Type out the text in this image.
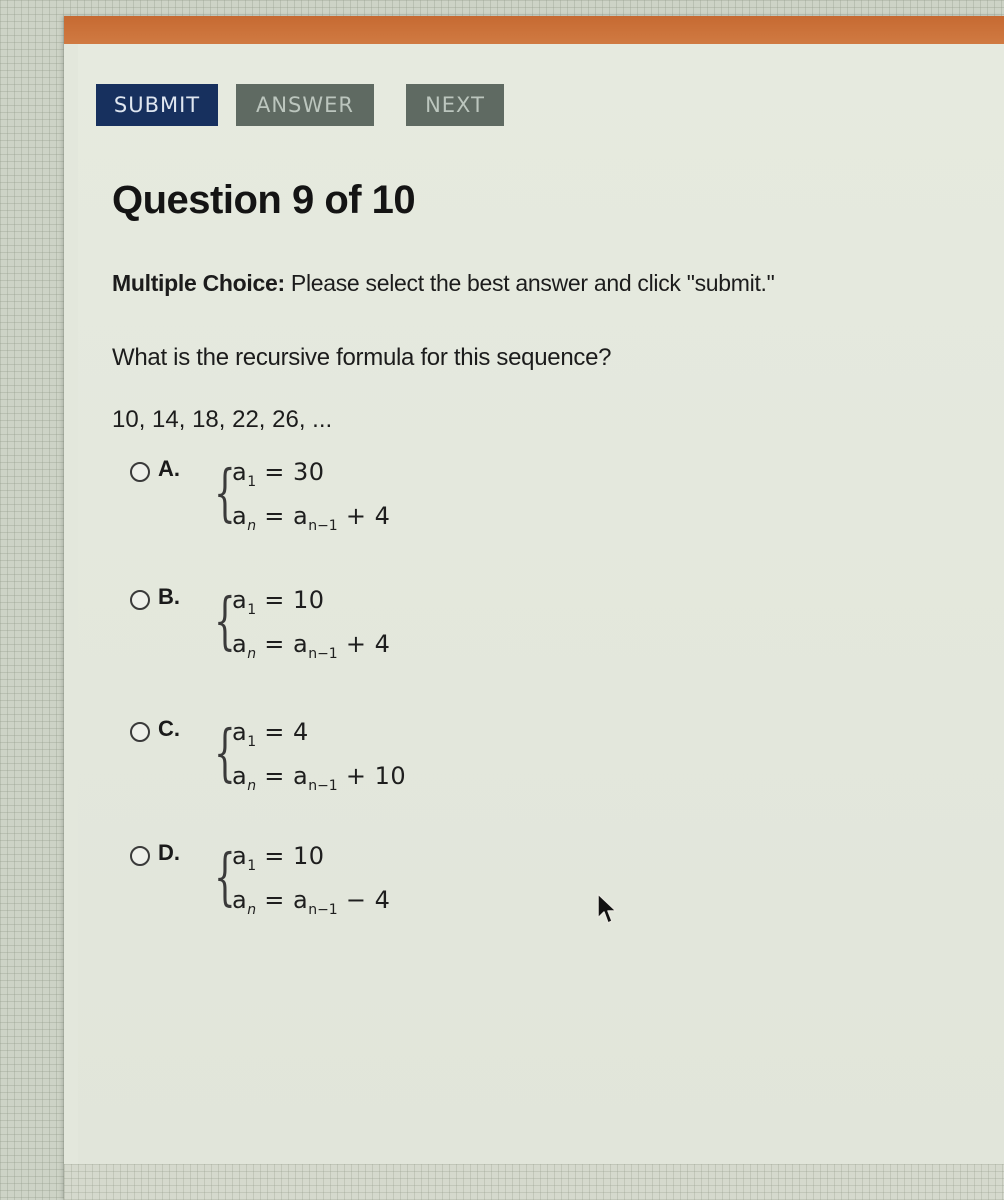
SUBMIT	ANSWER	NEXT
Question 9 of 10
Multiple Choice: Please select the best answer and click "submit."
What is the recursive formula for this sequence?
10, 14, 18, 22, 26, ...
A. {
$a_1 = 30$
$a_n = a_{n-1} + 4$
B. {
$a_1 = 10$
$a_n = a_{n-1} + 4$
C. {
$a_1 = 4$
$a_n = a_{n-1} + 10$
D. {
$a_1 = 10$
$a_n = a_{n-1} - 4$
